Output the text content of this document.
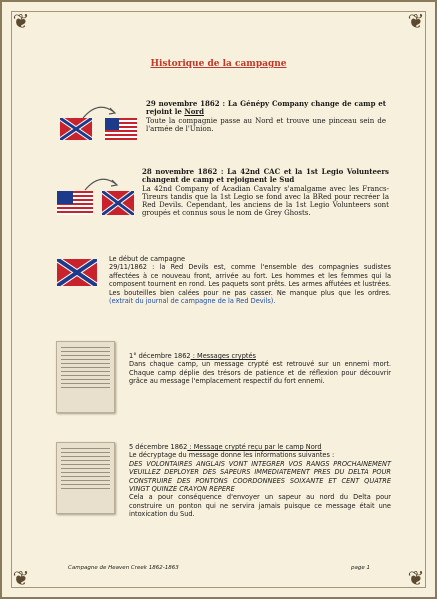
❦	❦
❦	❦
Historique de la campagne
29 novembre 1862 : La Génépy Company change de camp et rejoint le Nord
Toute la compagnie passe au Nord et trouve une pinceau sein de l'armée de l'Union.
28 novembre 1862 : La 42nd CAC et la 1st Legio Volunteers changent de camp et rejoignent le Sud
La 42nd Company of Acadian Cavalry s'amalgame avec les Francs-Tireurs tandis que la 1st Legio se fond avec la BRed pour recréer la Red Devils. Cependant, les anciens de la 1st Legio Volunteers sont groupés et connus sous le nom de Grey Ghosts.
Le début de campagne
29/11/1862 : la Red Devils est, comme l'ensemble des compagnies sudistes affectées à ce nouveau front, arrivée au fort. Les hommes et les femmes qui la composent tournent en rond. Les paquets sont prêts. Les armes affutées et lustrées. Les bouteilles bien calées pour ne pas casser. Ne manque plus que les ordres. (extrait du journal de campagne de la Red Devils).
1° décembre 1862 : Messages cryptés
Dans chaque camp, un message crypté est retrouvé sur un ennemi mort. Chaque camp déplie des trésors de patience et de réflexion pour découvrir grâce au message l'emplacement respectif du fort ennemi.
5 décembre 1862 : Message crypté reçu par le camp Nord
Le décryptage du message donne les informations suivantes :
DES VOLONTAIRES ANGLAIS VONT INTEGRER VOS RANGS PROCHAINEMENT VEUILLEZ DEPLOYER DES SAPEURS IMMEDIATEMENT PRES DU DELTA POUR CONSTRUIRE DES PONTONS COORDONNEES SOIXANTE ET CENT QUATRE VINGT QUINZE CRAYON REPERE
Cela a pour conséquence d'envoyer un sapeur au nord du Delta pour construire un ponton qui ne servira jamais puisque ce message était une intoxication du Sud.
Campagne de Heaven Creek 1862-1863	page 1
